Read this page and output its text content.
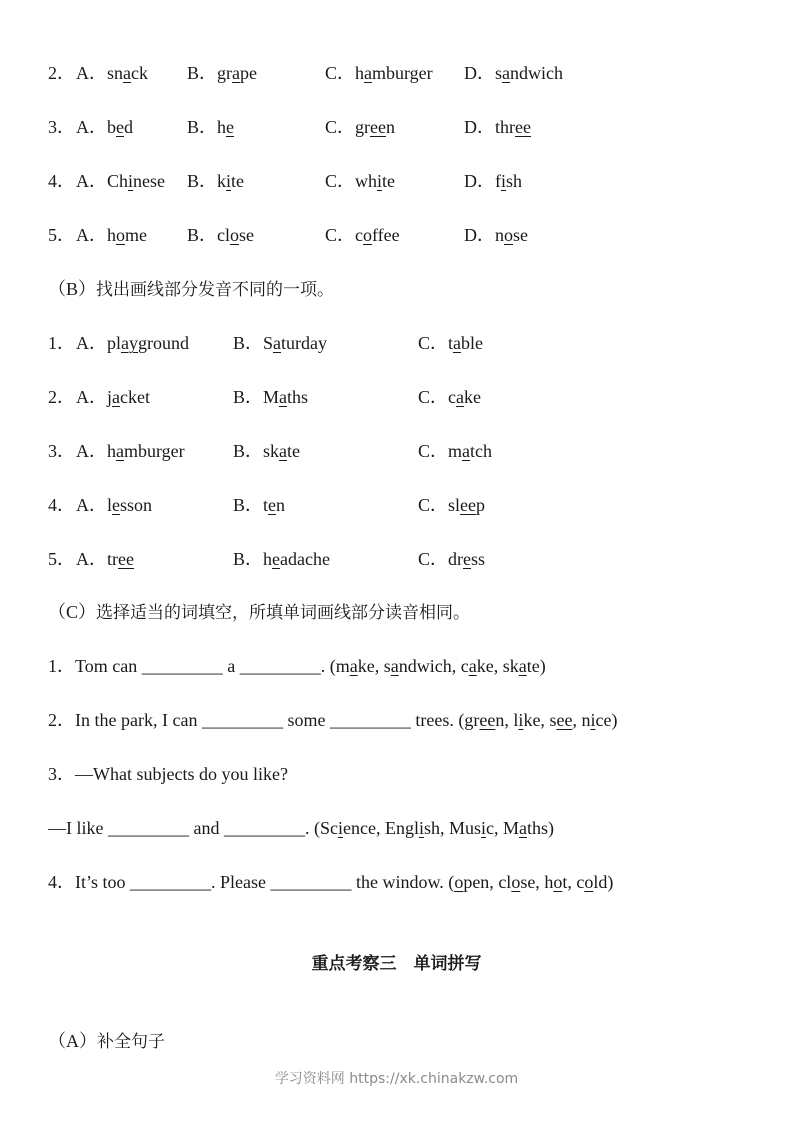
2． A．snack B．grape	C．hamburger D．sandwich
3． A．bed	B．he	C．green	D．three
4． A．Chinese B．kite	C．white	D．fish
5． A．home B．close	C．coffee	D．nose
（B）找出画线部分发音不同的一项。
1． A．playground B．Saturday	C．table
2． A．jacket	B．Maths	C．cake
3． A．hamburger	B．skate	C．match
4． A．lesson	B．ten	C．sleep
5． A．tree	B．headache	C．dress
（C）选择适当的词填空，所填单词画线部分读音相同。
1．Tom can _________ a _________. (make, sandwich, cake, skate)
2．In the park, I can _________ some _________ trees. (green, like, see, nice)
3．—What subjects do you like?
—I like _________ and _________. (Science, English, Music, Maths)
4．It’s too _________. Please _________ the window. (open, close, hot, cold)
重点考察三　单词拼写
（A）补全句子
学习资料网 https://xk.chinakzw.com
